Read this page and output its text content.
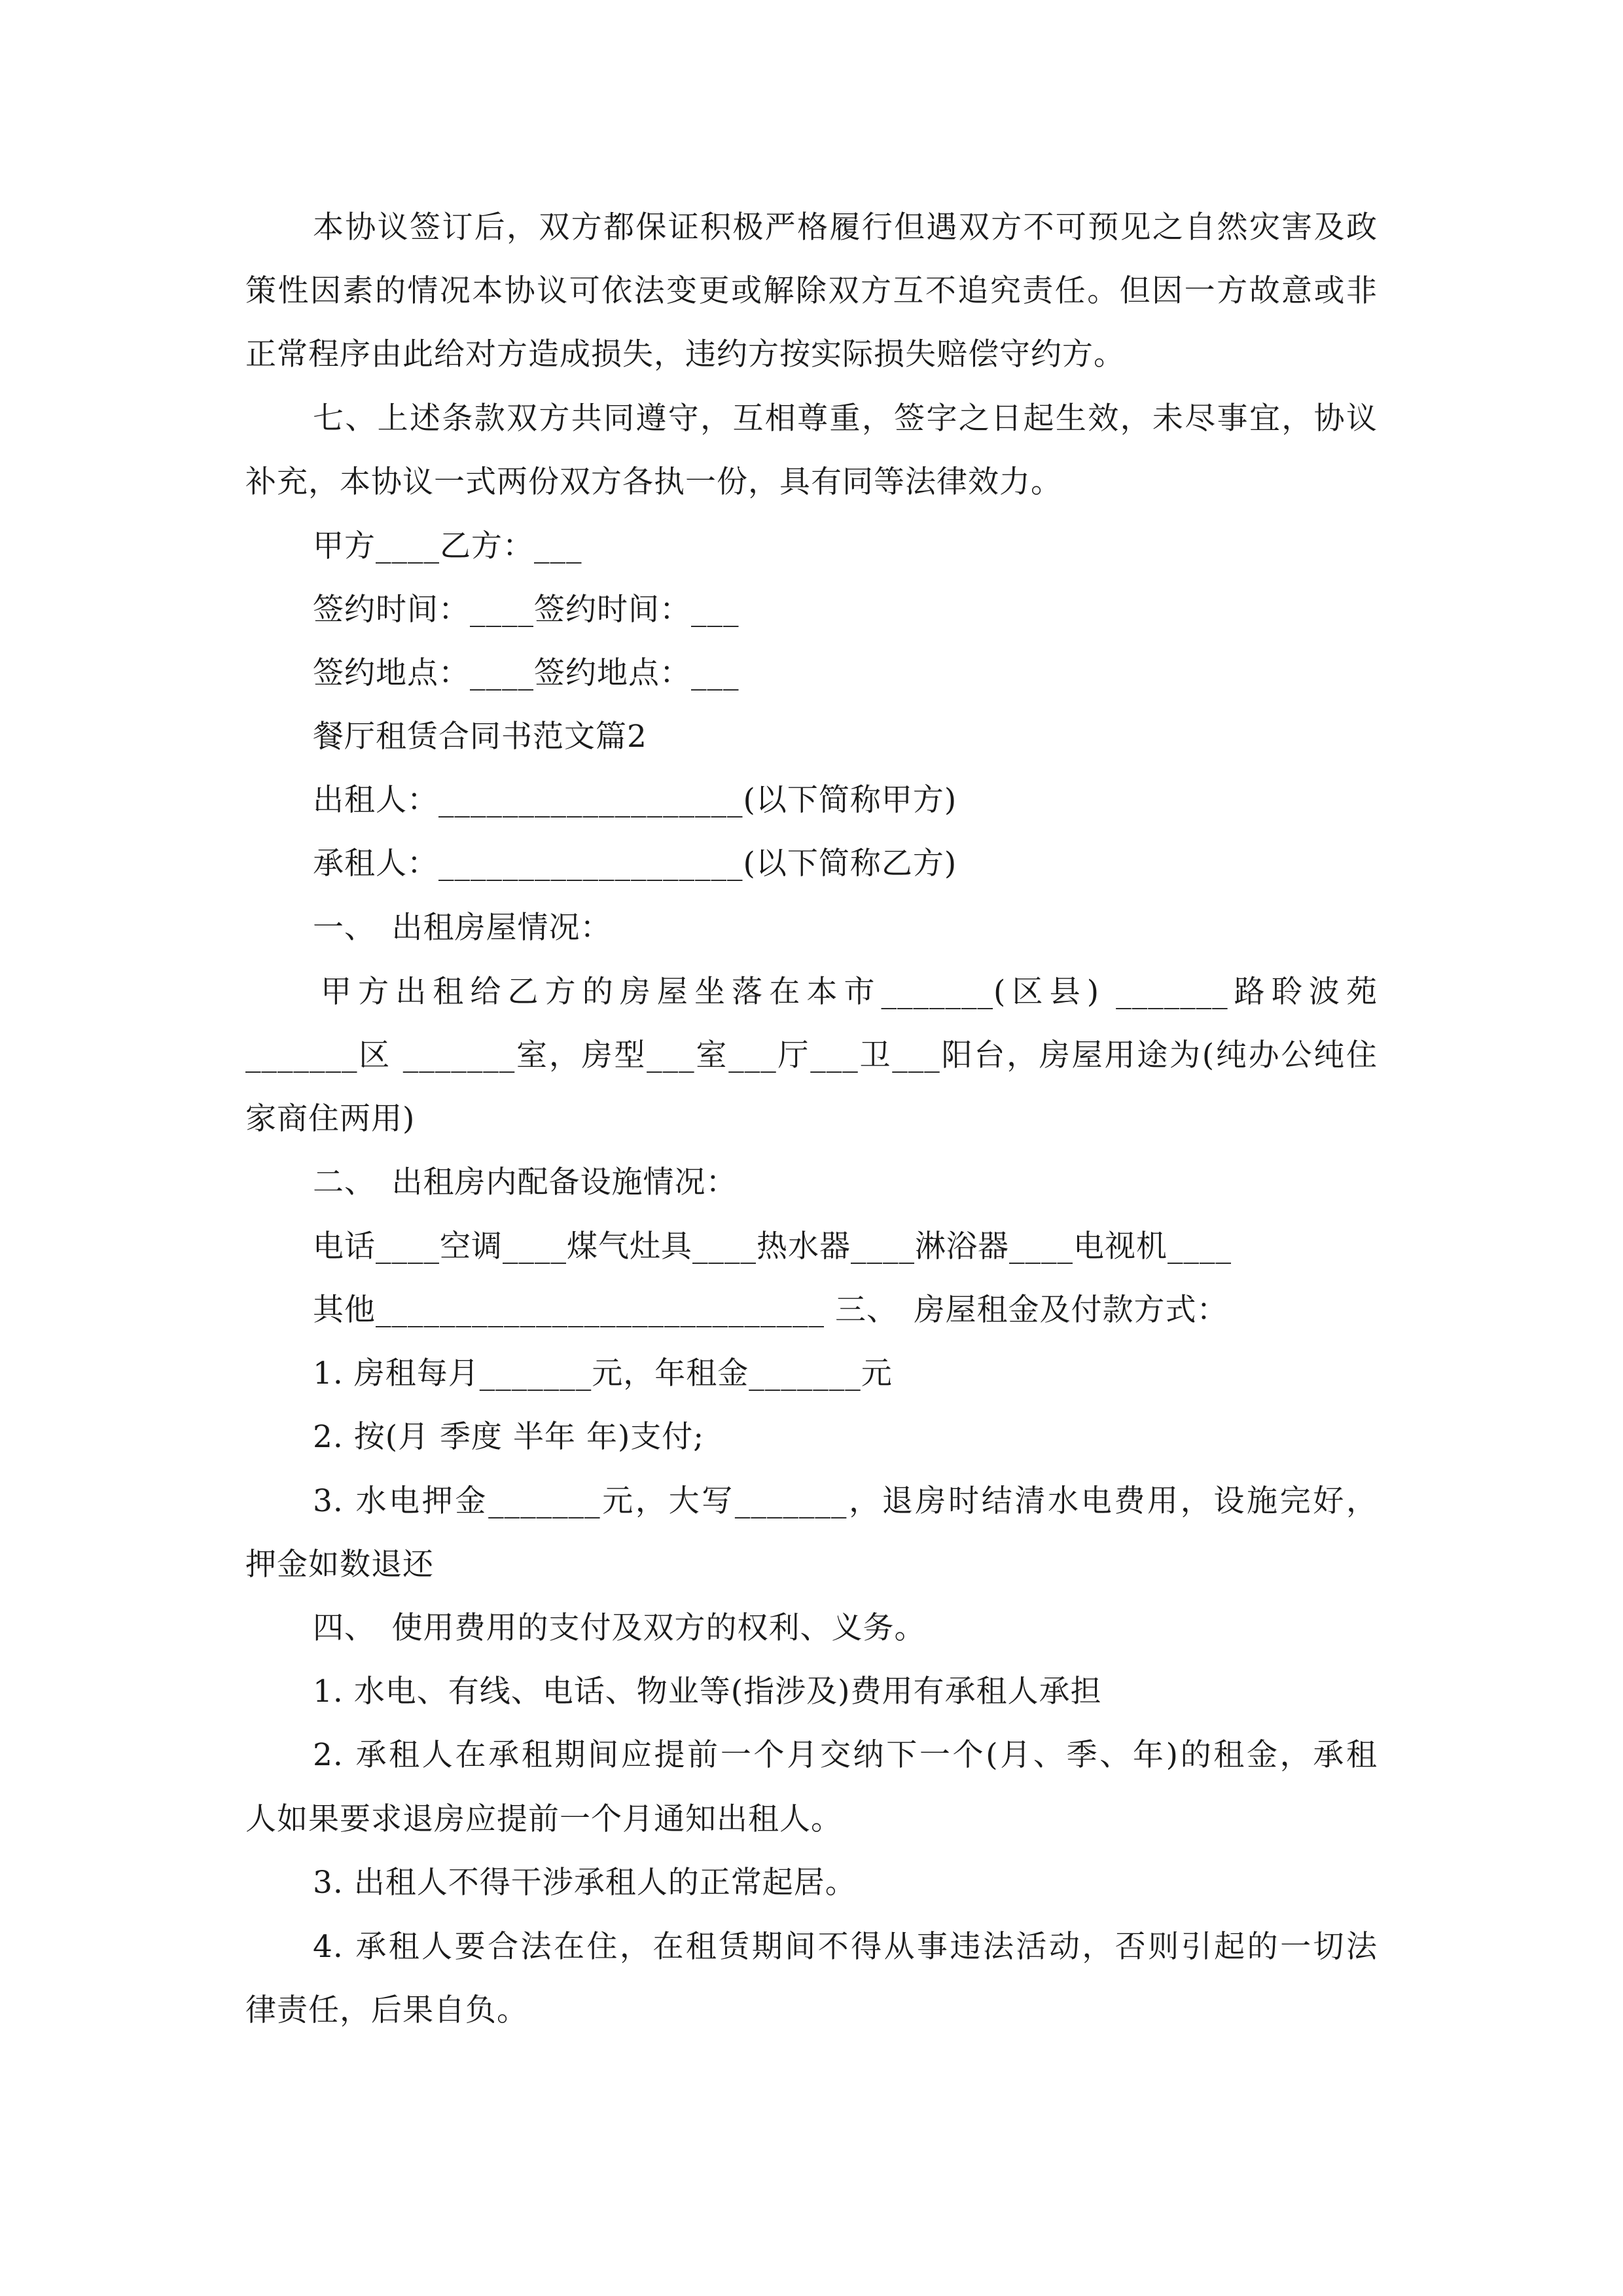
本协议签订后，双方都保证积极严格履行但遇双方不可预见之自然灾害及政
策性因素的情况本协议可依法变更或解除双方互不追究责任。但因一方故意或非
正常程序由此给对方造成损失，违约方按实际损失赔偿守约方。
七、上述条款双方共同遵守，互相尊重，签字之日起生效，未尽事宜，协议
补充，本协议一式两份双方各执一份，具有同等法律效力。
甲方____乙方：___
签约时间：____签约时间：___
签约地点：____签约地点：___
餐厅租赁合同书范文篇2
出租人：___________________(以下简称甲方)
承租人：___________________(以下简称乙方)
一、　出租房屋情况：
甲方出租给乙方的房屋坐落在本市_______(区县) _______路聆波苑
_______区 _______室，房型___室___厅___卫___阳台，房屋用途为(纯办公纯住
家商住两用)
二、　出租房内配备设施情况：
电话____空调____煤气灶具____热水器____淋浴器____电视机____
其他____________________________ 三、　房屋租金及付款方式：
1. 房租每月_______元，年租金_______元
2. 按(月 季度 半年 年)支付;
3. 水电押金_______元，大写_______，退房时结清水电费用，设施完好，
押金如数退还
四、　使用费用的支付及双方的权利、义务。
1. 水电、有线、电话、物业等(指涉及)费用有承租人承担
2. 承租人在承租期间应提前一个月交纳下一个(月、季、年)的租金，承租
人如果要求退房应提前一个月通知出租人。
3. 出租人不得干涉承租人的正常起居。
4. 承租人要合法在住，在租赁期间不得从事违法活动，否则引起的一切法
律责任，后果自负。
